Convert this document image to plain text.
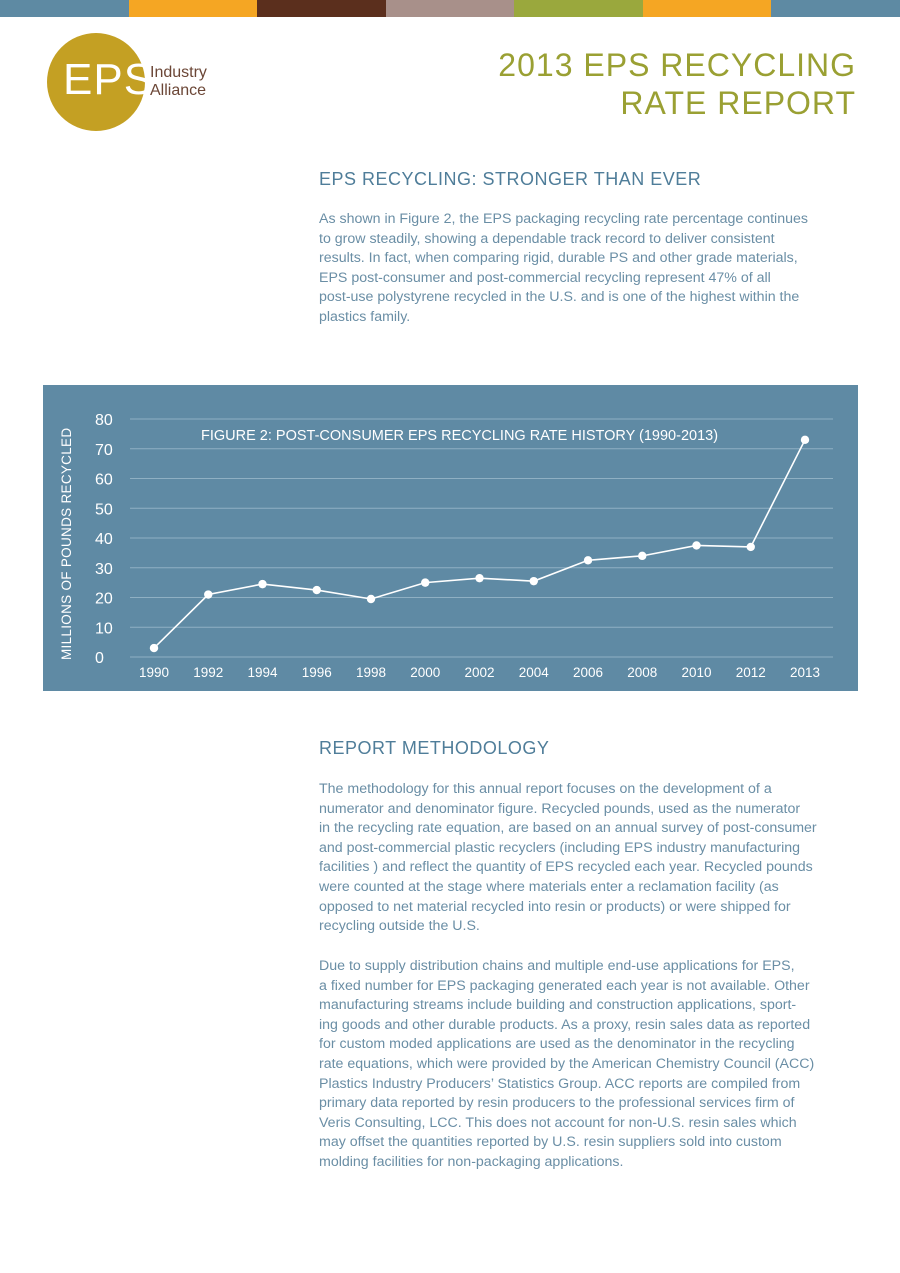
EPS
Industry
Alliance
2013 EPS RECYCLING
RATE REPORT
EPS RECYCLING: STRONGER THAN EVER
As shown in Figure 2, the EPS packaging recycling rate percentage continues
to grow steadily, showing a dependable track record to deliver consistent
results. In fact, when comparing rigid, durable PS and other grade materials,
EPS post-consumer and post-commercial recycling represent 47% of all
post-use polystyrene recycled in the U.S. and is one of the highest within the
plastics family.
0
10
20
30
40
50
60
70
80
1990 1992 1994 1996 1998 2000 2002 2004 2006 2008 2010 2012 2013
FIGURE 2: POST-CONSUMER EPS RECYCLING RATE HISTORY (1990-2013)
MILLIONS OF POUNDS RECYCLED
REPORT METHODOLOGY
The methodology for this annual report focuses on the development of a
numerator and denominator figure. Recycled pounds, used as the numerator
in the recycling rate equation, are based on an annual survey of post-consumer
and post-commercial plastic recyclers (including EPS industry manufacturing
facilities ) and reflect the quantity of EPS recycled each year. Recycled pounds
were counted at the stage where materials enter a reclamation facility (as
opposed to net material recycled into resin or products) or were shipped for
recycling outside the U.S.
Due to supply distribution chains and multiple end-use applications for EPS,
a fixed number for EPS packaging generated each year is not available. Other
manufacturing streams include building and construction applications, sport-
ing goods and other durable products. As a proxy, resin sales data as reported
for custom moded applications are used as the denominator in the recycling
rate equations, which were provided by the American Chemistry Council (ACC)
Plastics Industry Producers’ Statistics Group. ACC reports are compiled from
primary data reported by resin producers to the professional services firm of
Veris Consulting, LCC. This does not account for non-U.S. resin sales which
may offset the quantities reported by U.S. resin suppliers sold into custom
molding facilities for non-packaging applications.
